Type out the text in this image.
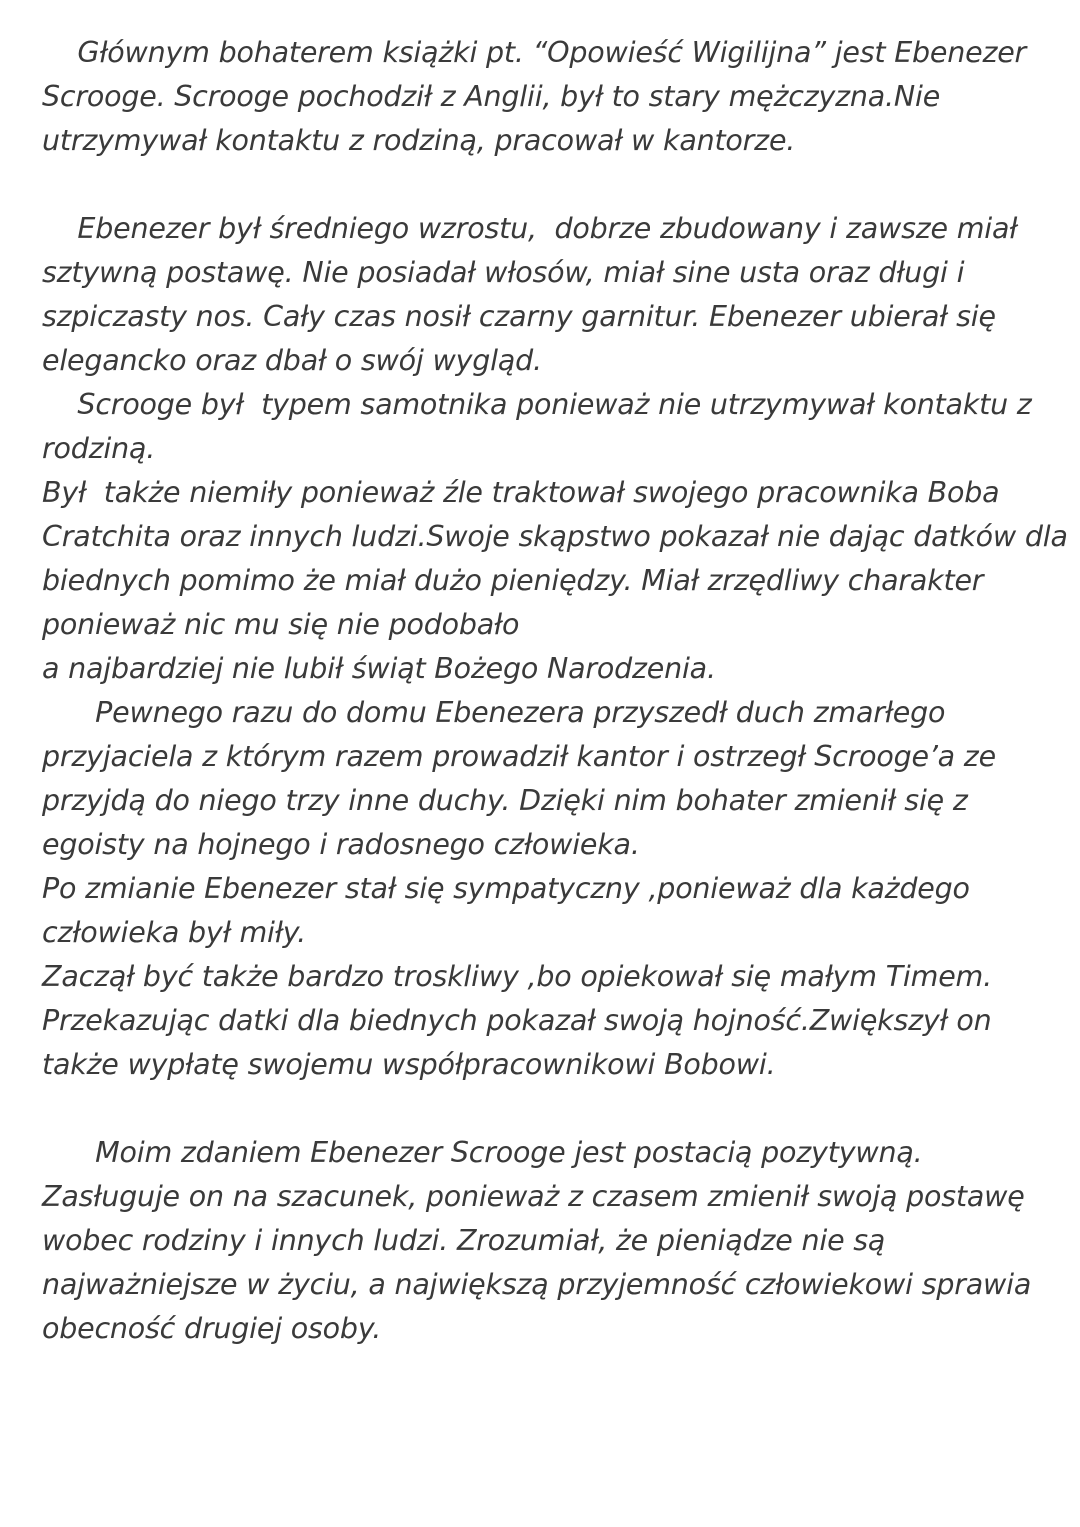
Głównym bohaterem książki pt. “Opowieść Wigilijna” jest Ebenezer
Scrooge. Scrooge pochodził z Anglii, był to stary mężczyzna.Nie
utrzymywał kontaktu z rodziną, pracował w kantorze.
Ebenezer był średniego wzrostu,  dobrze zbudowany i zawsze miał
sztywną postawę. Nie posiadał włosów, miał sine usta oraz długi i
szpiczasty nos. Cały czas nosił czarny garnitur. Ebenezer ubierał się
elegancko oraz dbał o swój wygląd.
Scrooge był  typem samotnika ponieważ nie utrzymywał kontaktu z
rodziną.
Był  także niemiły ponieważ źle traktował swojego pracownika Boba
Cratchita oraz innych ludzi.Swoje skąpstwo pokazał nie dając datków dla
biednych pomimo że miał dużo pieniędzy. Miał zrzędliwy charakter
ponieważ nic mu się nie podobało
a najbardziej nie lubił świąt Bożego Narodzenia.
Pewnego razu do domu Ebenezera przyszedł duch zmarłego
przyjaciela z którym razem prowadził kantor i ostrzegł Scrooge’a ze
przyjdą do niego trzy inne duchy. Dzięki nim bohater zmienił się z
egoisty na hojnego i radosnego człowieka.
Po zmianie Ebenezer stał się sympatyczny ,ponieważ dla każdego
człowieka był miły.
Zaczął być także bardzo troskliwy ,bo opiekował się małym Timem.
Przekazując datki dla biednych pokazał swoją hojność.Zwiększył on
także wypłatę swojemu współpracownikowi Bobowi.
Moim zdaniem Ebenezer Scrooge jest postacią pozytywną.
Zasługuje on na szacunek, ponieważ z czasem zmienił swoją postawę
wobec rodziny i innych ludzi. Zrozumiał, że pieniądze nie są
najważniejsze w życiu, a największą przyjemność człowiekowi sprawia
obecność drugiej osoby.
